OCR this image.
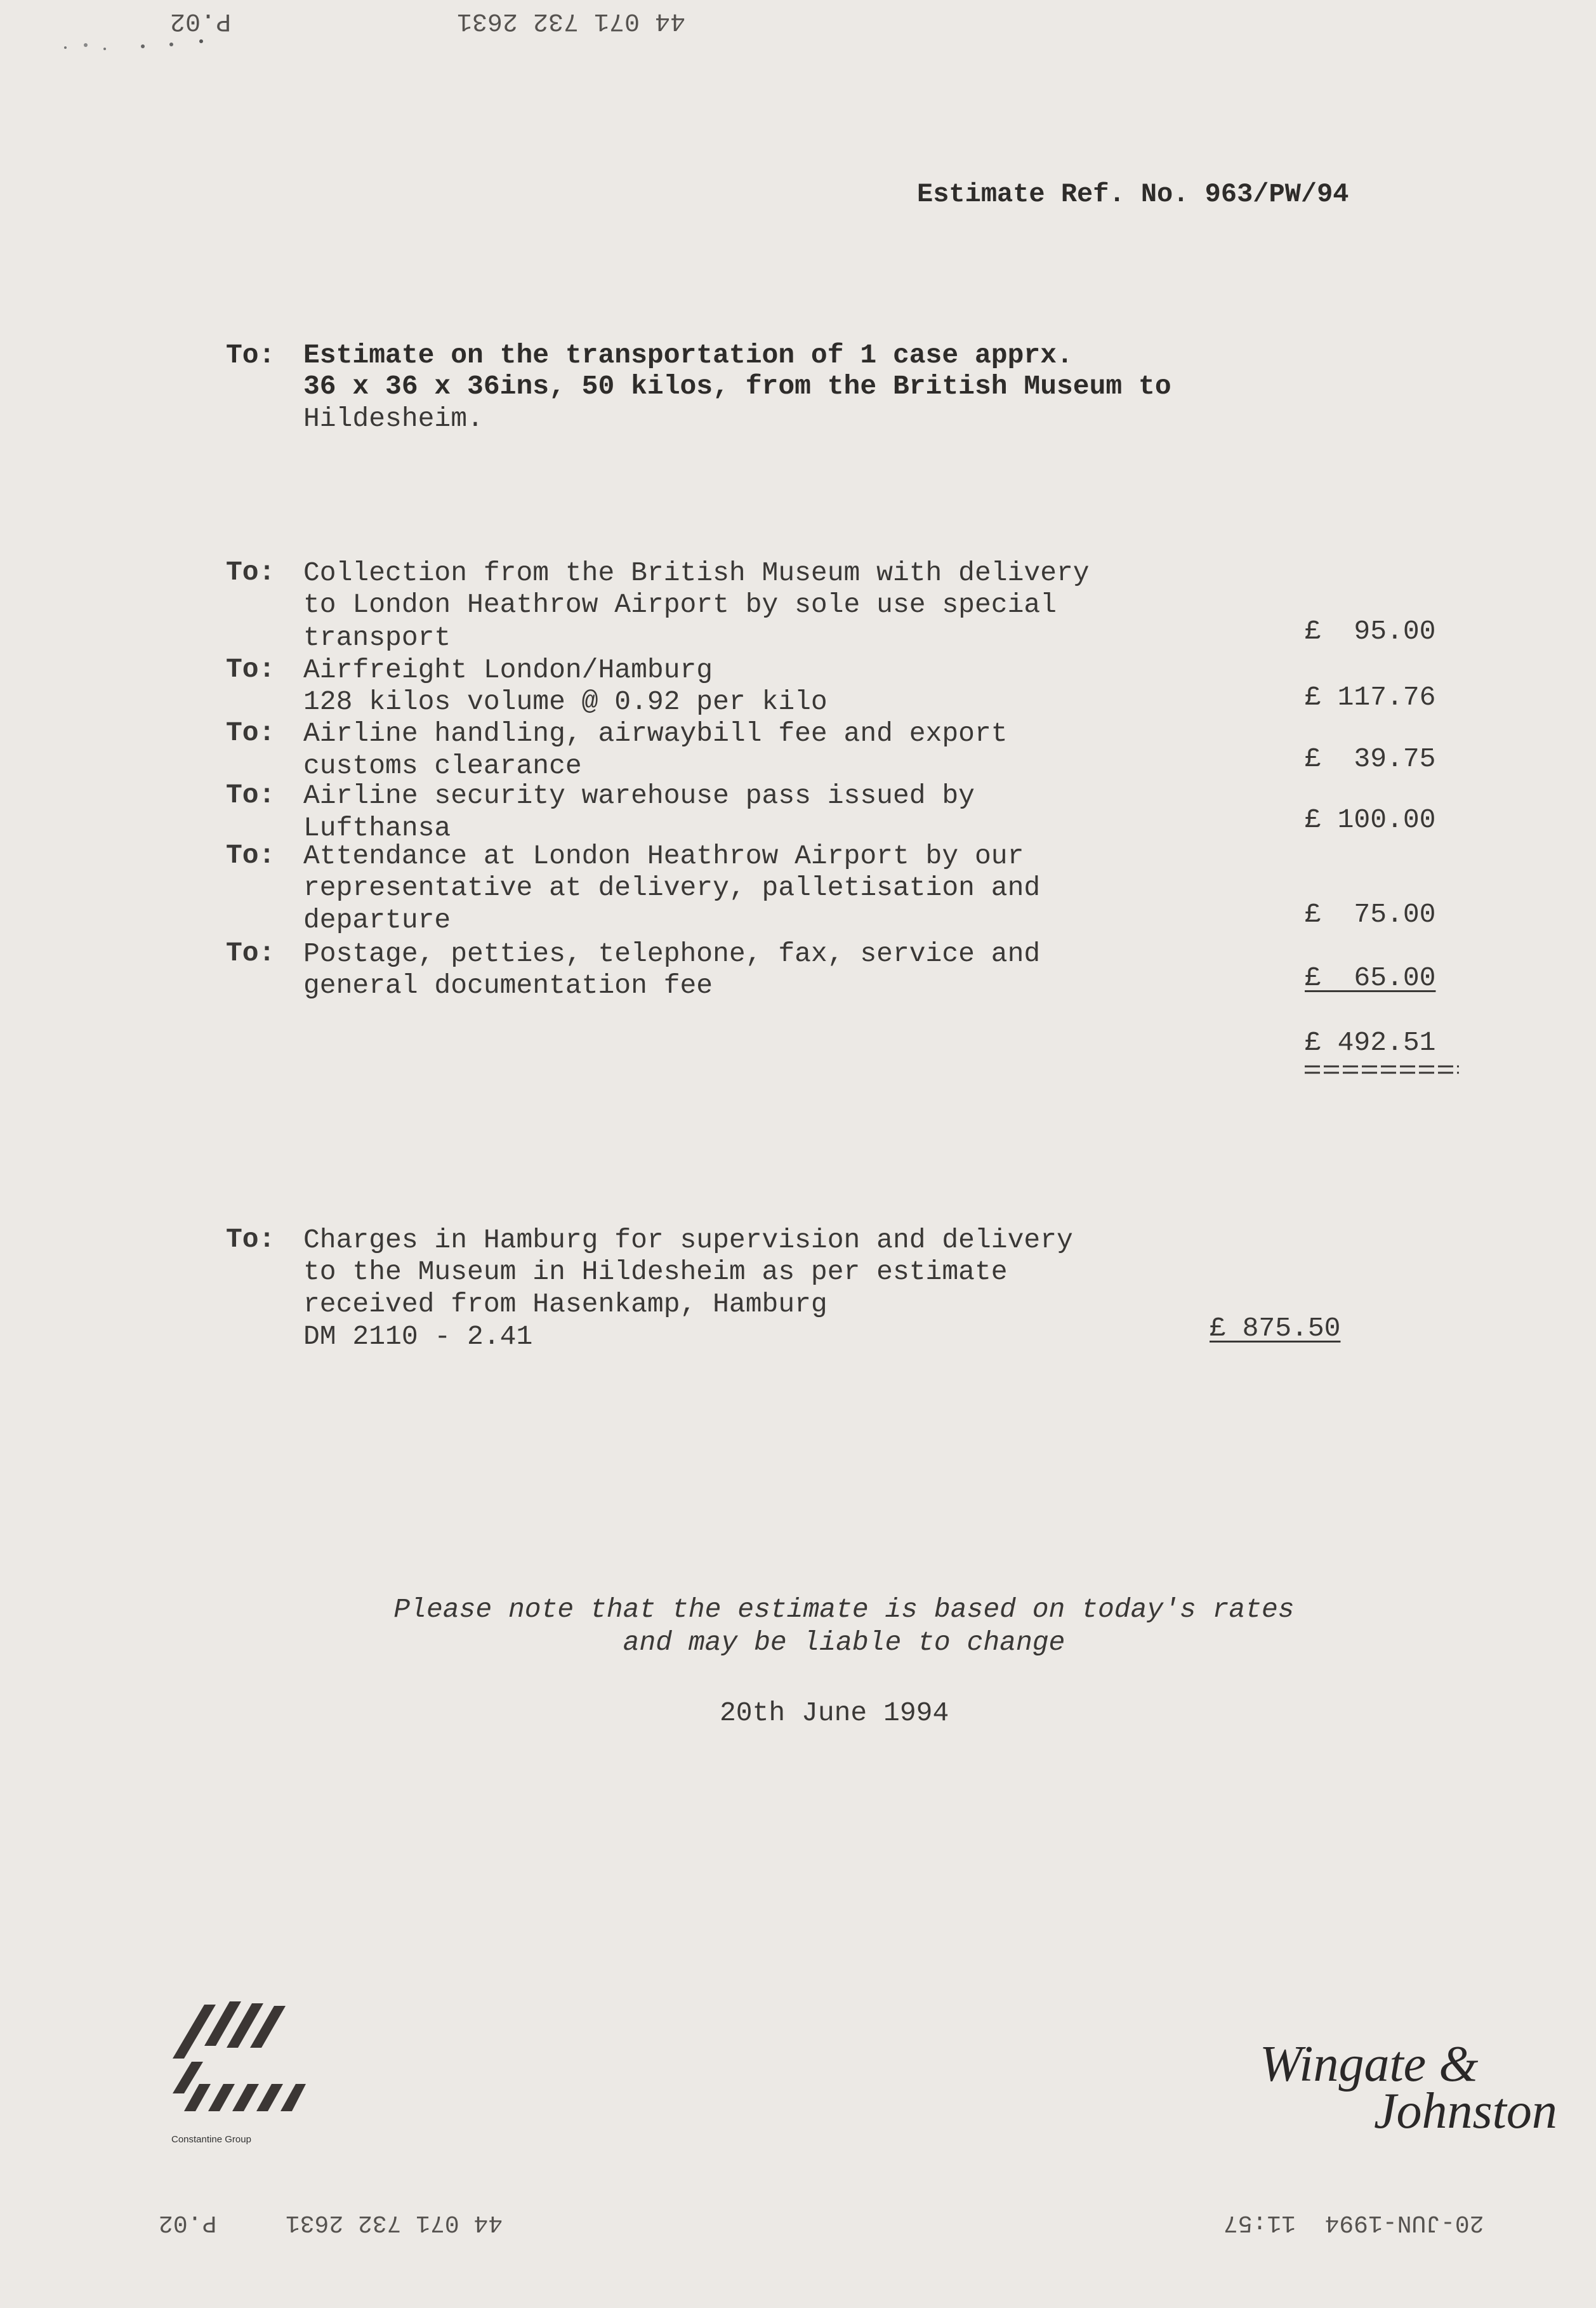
P.02	44 071 732 2631
Estimate Ref. No. 963/PW/94
To: Estimate on the transportation of 1 case apprx.
36 x 36 x 36ins, 50 kilos, from the British Museum to
Hildesheim.
To: Collection from the British Museum with delivery
to London Heathrow Airport by sole use special
transport	£  95.00
To: Airfreight London/Hamburg
128 kilos volume @ 0.92 per kilo	£ 117.76
To: Airline handling, airwaybill fee and export
customs clearance	£  39.75
To: Airline security warehouse pass issued by
Lufthansa	£ 100.00
To: Attendance at London Heathrow Airport by our
representative at delivery, palletisation and
departure	£  75.00
To: Postage, petties, telephone, fax, service and
general documentation fee	£  65.00
£ 492.51
To: Charges in Hamburg for supervision and delivery
to the Museum in Hildesheim as per estimate
received from Hasenkamp, Hamburg
DM 2110 - 2.41	£ 875.50
Please note that the estimate is based on today's rates
and may be liable to change
20th June 1994
Constantine Group
Wingate &
Johnston
P.02	44 071 732 2631	20-JUN-1994  11:57
